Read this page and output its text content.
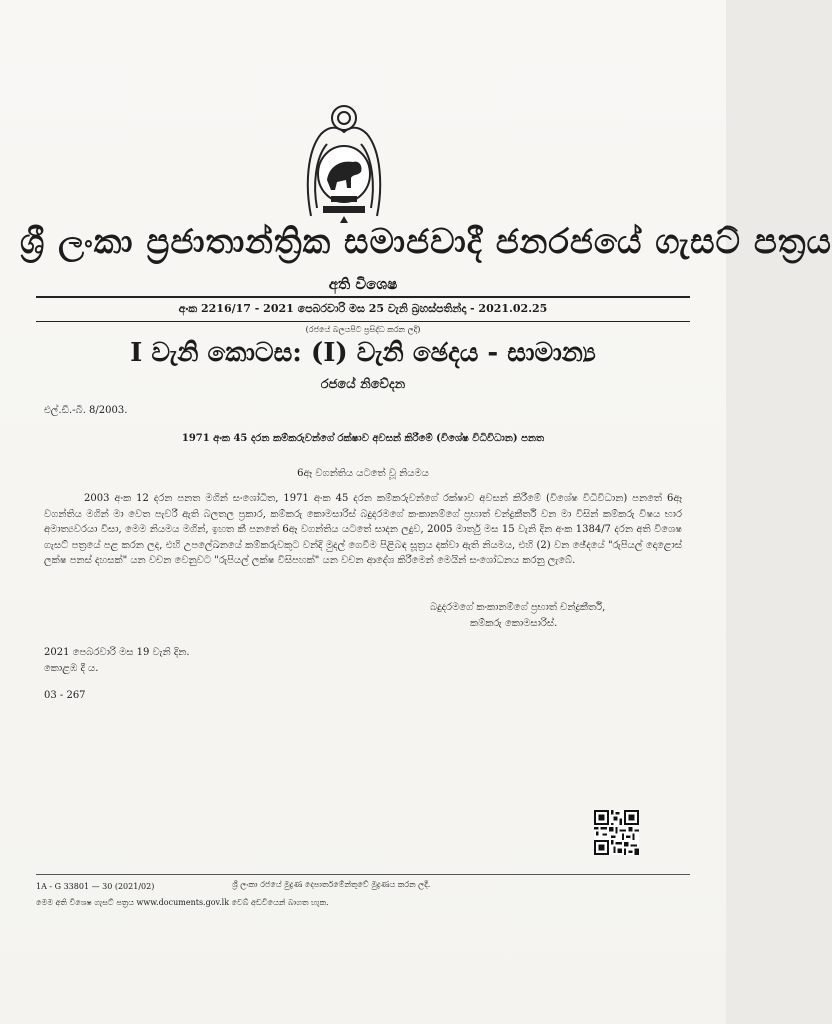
ශ්‍රී ලංකා ප්‍රජාතාන්ත්‍රික සමාජවාදී ජනරජයේ ගැසට් පත්‍රය
අති විශෙෂ
අංක 2216/17 - 2021 පෙබරවාරි මස 25 වැනි බ්‍රහස්පතින්දා - 2021.02.25
(රජයේ බලයපිට ප්‍රසිද්ධ කරන ලදි)
I වැනි කොටස: (I) වැනි ඡෙදය - සාමාන්‍ය
රජයේ නිවේදන
එල්.ඩී.-බී. 8/2003.
1971 අංක 45 දරන කම්කරුවන්ගේ රක්ෂාව අවසන් කිරීමේ (විශේෂ විධිවිධාන) පනත
6ඈ වගන්තිය යටතේ වූ නියමය
2003 අංක 12 දරන පනත මගින් සංශෝධිත, 1971 අංක 45 දරන කම්කරුවන්ගේ රක්ෂාව අවසන් කිරීමේ (විශේෂ විධිවිධාන) පනතේ 6ඈ වගන්තිය මගින් මා වෙත පැවරී ඇති බලතල ප්‍රකාර, කම්කරු කොමසාරිස් බදුදරමගේ කංකානම්ගේ ප්‍රභාත් චන්ද්‍රකීර්ති වන මා විසින් කම්කරු විෂය භාර අමාත්‍යවරයා විසා, මෙම නියමය මගින්, ඉහත කී පනතේ 6ඈ වගන්තිය යටතේ සාදන ලදුව, 2005 මාර්තු මස 15 වැනි දින අංක 1384/7 දරන අති විශෙෂ ගැසට් පත්‍රයේ පළ කරන ලද, එහි උපලේඛනයේ කම්කරුවකුට වන්දි මුදල් ගෙවීම පිළිබඳ සූත්‍රය දක්වා ඇති නියමය, එහි (2) වන ඡේදයේ "රුපියල් දොළොස් ලක්ෂ පනස් දහසක්" යන වචන වෙනුවට "රුපියල් ලක්ෂ විසිපහක්" යන වචන ආදේශ කිරීමෙන් මෙයින් සංශෝධනය කරනු ලැබේ.
බදුදරමගේ කංකානම්ගේ ප්‍රභාත් චන්ද්‍රකීර්ති,
කම්කරු කොමසාරිස්.
2021 පෙබරවාරි මස 19 වැනි දින.
කොළඹ දී ය.
03 - 267
1A - G 33801 — 30 (2021/02)	ශ්‍රී ලංකා රජයේ මුද්‍රණ දෙපාර්තමේන්තුවේ මුද්‍රණය කරන ලදී.
මෙම අති විශෙෂ ගැසට් පත්‍රය www.documents.gov.lk වෙබ් අඩවියෙන් බාගත හැක.
